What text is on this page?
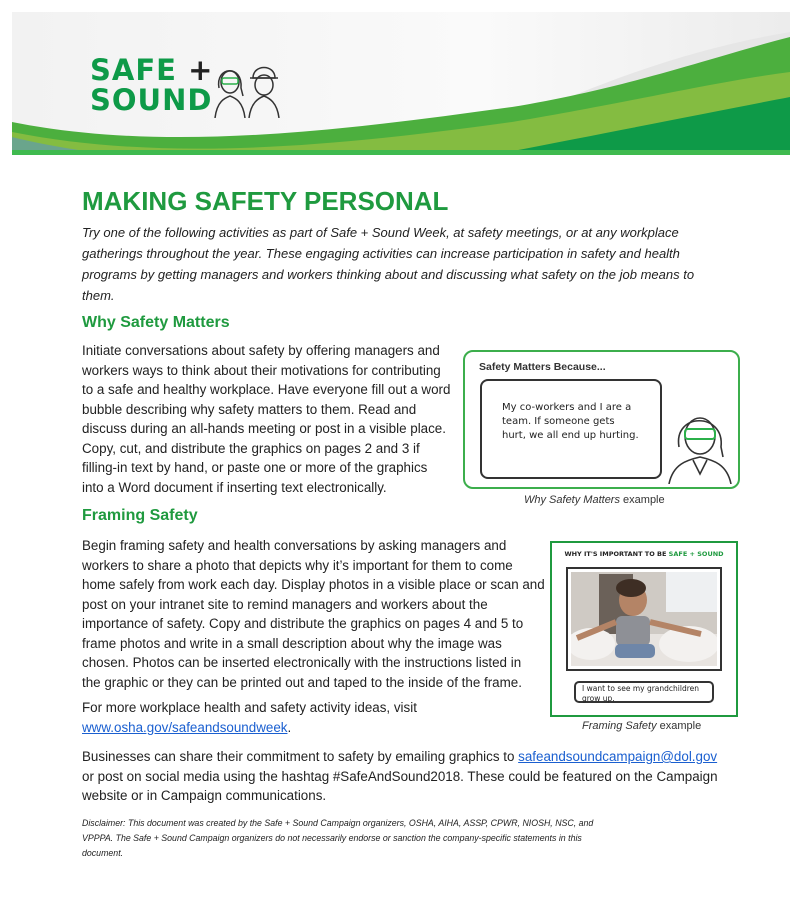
SAFE +
SOUND
MAKING SAFETY PERSONAL
Try one of the following activities as part of Safe + Sound Week, at safety meetings, or at any workplace
gatherings throughout the year. These engaging activities can increase participation in safety and health
programs by getting managers and workers thinking about and discussing what safety on the job means to
them.
Why Safety Matters
Initiate conversations about safety by offering managers and
workers ways to think about their motivations for contributing
to a safe and healthy workplace. Have everyone fill out a word
bubble describing why safety matters to them. Read and
discuss during an all-hands meeting or post in a visible place.
Copy, cut, and distribute the graphics on pages 2 and 3 if
filling-in text by hand, or paste one or more of the graphics
into a Word document if inserting text electronically.
Safety Matters Because...
My co-workers and I are a
team. If someone gets
hurt, we all end up hurting.
Why Safety Matters example
Framing Safety
Begin framing safety and health conversations by asking managers and
workers to share a photo that depicts why it’s important for them to come
home safely from work each day. Display photos in a visible place or scan and
post on your intranet site to remind managers and workers about the
importance of safety. Copy and distribute the graphics on pages 4 and 5 to
frame photos and write in a small description about why the image was
chosen. Photos can be inserted electronically with the instructions listed in
the graphic or they can be printed out and taped to the inside of the frame.
For more workplace health and safety activity ideas, visit
www.osha.gov/safeandsoundweek.
WHY IT'S IMPORTANT TO BE SAFE + SOUND
I want to see my grandchildren
grow up.
Framing Safety example
Businesses can share their commitment to safety by emailing graphics to safeandsoundcampaign@dol.gov
or post on social media using the hashtag #SafeAndSound2018. These could be featured on the Campaign
website or in Campaign communications.
Disclaimer: This document was created by the Safe + Sound Campaign organizers, OSHA, AIHA, ASSP, CPWR, NIOSH, NSC, and
VPPPA. The Safe + Sound Campaign organizers do not necessarily endorse or sanction the company-specific statements in this
document.
